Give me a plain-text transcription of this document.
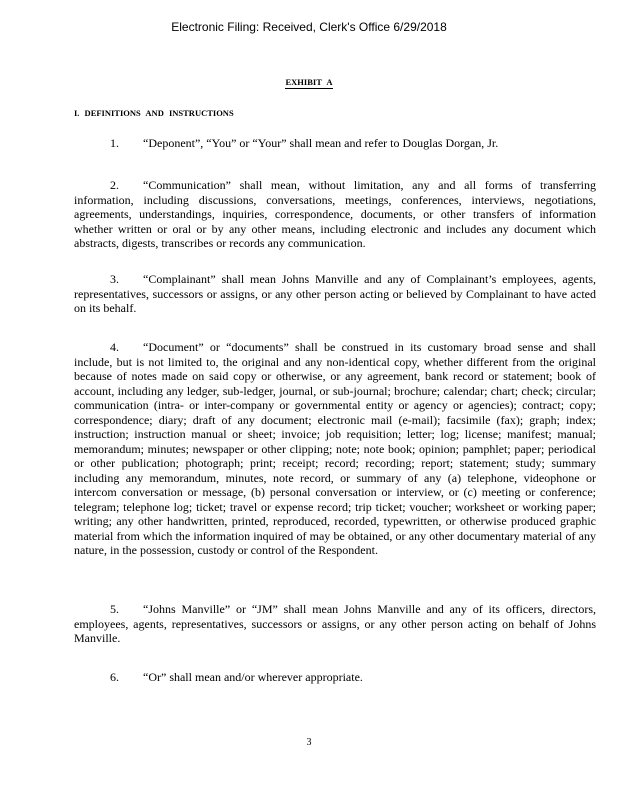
Electronic Filing: Received, Clerk's Office 6/29/2018
EXHIBIT A
I. DEFINITIONS AND INSTRUCTIONS

1.  “Deponent”, “You” or “Your” shall mean and refer to Douglas Dorgan, Jr.

2.  “Communication” shall mean, without limitation, any and all forms of transferring information, including discussions, conversations, meetings, conferences, interviews, negotiations, agreements, understandings, inquiries, correspondence, documents, or other transfers of information whether written or oral or by any other means, including electronic and includes any document which abstracts, digests, transcribes or records any communication.

3.  “Complainant” shall mean Johns Manville and any of Complainant’s employees, agents, representatives, successors or assigns, or any other person acting or believed by Complainant to have acted on its behalf.

4.  “Document” or “documents” shall be construed in its customary broad sense and shall include, but is not limited to, the original and any non-identical copy, whether different from the original because of notes made on said copy or otherwise, or any agreement, bank record or statement; book of account, including any ledger, sub-ledger, journal, or sub-journal; brochure; calendar; chart; check; circular; communication (intra- or inter-company or governmental entity or agency or agencies); contract; copy; correspondence; diary; draft of any document; electronic mail (e-mail); facsimile (fax); graph; index; instruction; instruction manual or sheet; invoice; job requisition; letter; log; license; manifest; manual; memorandum; minutes; newspaper or other clipping; note; note book; opinion; pamphlet; paper; periodical or other publication; photograph; print; receipt; record; recording; report; statement; study; summary including any memorandum, minutes, note record, or summary of any (a) telephone, videophone or intercom conversation or message, (b) personal conversation or interview, or (c) meeting or conference; telegram; telephone log; ticket; travel or expense record; trip ticket; voucher; worksheet or working paper; writing; any other handwritten, printed, reproduced, recorded, typewritten, or otherwise produced graphic material from which the information inquired of may be obtained, or any other documentary material of any nature, in the possession, custody or control of the Respondent.

5.  “Johns Manville” or “JM” shall mean Johns Manville and any of its officers, directors, employees, agents, representatives, successors or assigns, or any other person acting on behalf of Johns Manville.

6.  “Or” shall mean and/or wherever appropriate.

3
